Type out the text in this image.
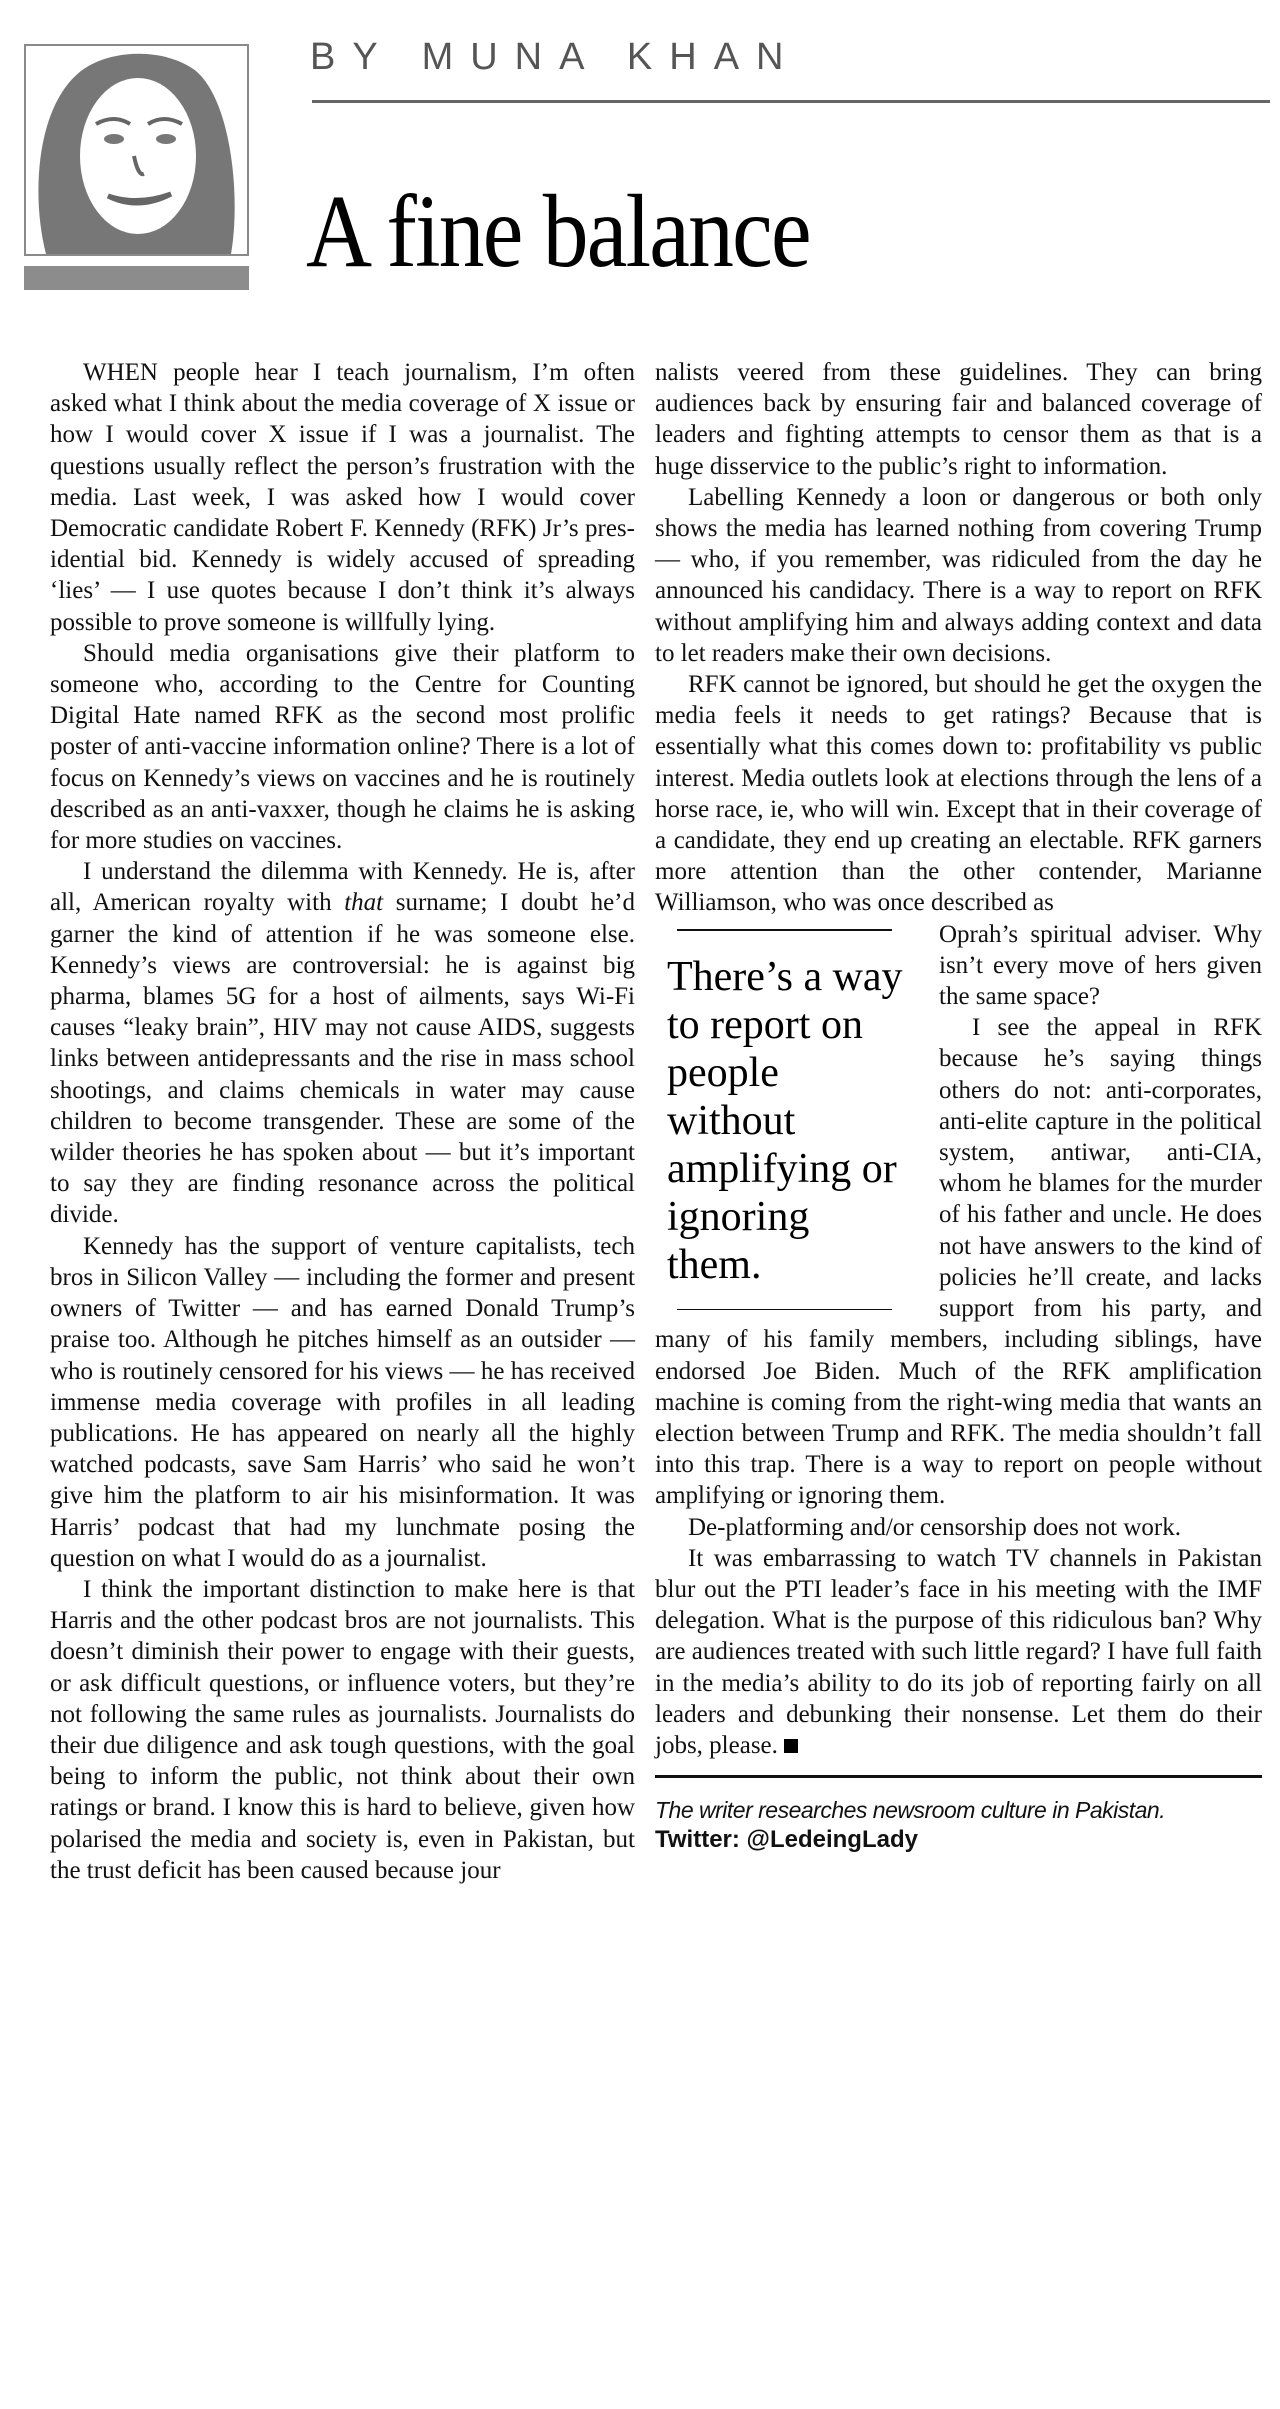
BY MUNA KHAN
A fine balance

WHEN people hear I teach journalism, I’m often asked what I think about the media coverage of X issue or how I would cover X issue if I was a journalist. The questions usually reflect the person’s frustration with the media. Last week, I was asked how I would cover Democratic candidate Robert F. Kennedy (RFK) Jr’s presidential bid. Kennedy is widely accused of spreading ‘lies’ — I use quotes because I don’t think it’s always possible to prove someone is willfully lying.

Should media organisations give their platform to someone who, according to the Centre for Counting Digital Hate named RFK as the second most prolific poster of anti-vaccine information online? There is a lot of focus on Kennedy’s views on vaccines and he is routinely described as an anti-vaxxer, though he claims he is asking for more studies on vaccines.

I understand the dilemma with Kennedy. He is, after all, American royalty with that surname; I doubt he’d garner the kind of attention if he was someone else. Kennedy’s views are controversial: he is against big pharma, blames 5G for a host of ailments, says Wi-Fi causes “leaky brain”, HIV may not cause AIDS, suggests links between antidepressants and the rise in mass school shootings, and claims chemicals in water may cause children to become transgender. These are some of the wilder theories he has spoken about — but it’s important to say they are finding resonance across the political divide.

Kennedy has the support of venture capitalists, tech bros in Silicon Valley — including the former and present owners of Twitter — and has earned Donald Trump’s praise too. Although he pitches himself as an outsider — who is routinely censored for his views — he has received immense media coverage with profiles in all leading publications. He has appeared on nearly all the highly watched podcasts, save Sam Harris’ who said he won’t give him the platform to air his misinformation. It was Harris’ podcast that had my lunchmate posing the question on what I would do as a journalist.

I think the important distinction to make here is that Harris and the other podcast bros are not journalists. This doesn’t diminish their power to engage with their guests, or ask difficult questions, or influence voters, but they’re not following the same rules as journalists. Journalists do their due diligence and ask tough questions, with the goal being to inform the public, not think about their own ratings or brand. I know this is hard to believe, given how polarised the media and society is, even in Pakistan, but the trust deficit has been caused because jour

nalists veered from these guidelines. They can bring audiences back by ensuring fair and balanced coverage of leaders and fighting attempts to censor them as that is a huge disservice to the public’s right to information.

Labelling Kennedy a loon or dangerous or both only shows the media has learned nothing from covering Trump — who, if you remember, was ridiculed from the day he announced his candidacy. There is a way to report on RFK without amplifying him and always adding context and data to let readers make their own decisions.

RFK cannot be ignored, but should he get the oxygen the media feels it needs to get ratings? Because that is essentially what this comes down to: profitability vs public interest. Media outlets look at elections through the lens of a horse race, ie, who will win. Except that in their coverage of a candidate, they end up creating an electable. RFK garners more attention than the other contender, Marianne Williamson, who was once described as

There’s a way to report on people without amplifying or ignoring them.

Oprah’s spiritual adviser. Why isn’t every move of hers given the same space?

I see the appeal in RFK because he’s saying things others do not: anti-corporates, anti-elite capture in the political system, antiwar, anti-CIA, whom he blames for the murder of his father and uncle. He does not have answers to the kind of policies he’ll create, and lacks support from his party, and many of his family members, including siblings, have endorsed Joe Biden. Much of the RFK amplification machine is coming from the right-wing media that wants an election between Trump and RFK. The media shouldn’t fall into this trap. There is a way to report on people without amplifying or ignoring them.

De-platforming and/or censorship does not work.

It was embarrassing to watch TV channels in Pakistan blur out the PTI leader’s face in his meeting with the IMF delegation. What is the purpose of this ridiculous ban? Why are audiences treated with such little regard? I have full faith in the media’s ability to do its job of reporting fairly on all leaders and debunking their nonsense. Let them do their jobs, please.

The writer researches newsroom culture in Pakistan.

Twitter: @LedeingLady
